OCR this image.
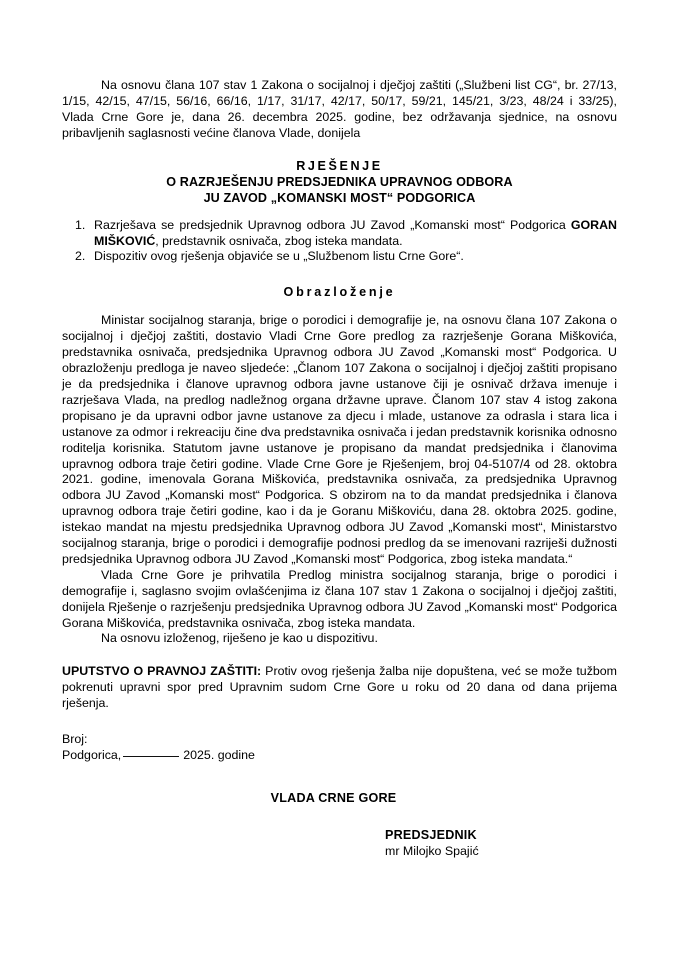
Na osnovu člana 107 stav 1 Zakona o socijalnoj i dječjoj zaštiti („Službeni list CG“, br. 27/13, 1/15, 42/15, 47/15, 56/16, 66/16, 1/17, 31/17, 42/17, 50/17, 59/21, 145/21, 3/23, 48/24 i 33/25), Vlada Crne Gore je, dana 26. decembra 2025. godine, bez održavanja sjednice, na osnovu pribavljenih saglasnosti većine članova Vlade, donijela

RJEŠENJE
O RAZRJEŠENJU PREDSJEDNIKA UPRAVNOG ODBORA
JU ZAVOD „KOMANSKI MOST“ PODGORICA
1. Razrješava se predsjednik Upravnog odbora JU Zavod „Komanski most“ Podgorica GORAN MIŠKOVIĆ, predstavnik osnivača, zbog isteka mandata.
2. Dispozitiv ovog rješenja objaviće se u „Službenom listu Crne Gore“.
Obrazloženje

Ministar socijalnog staranja, brige o porodici i demografije je, na osnovu člana 107 Zakona o socijalnoj i dječjoj zaštiti, dostavio Vladi Crne Gore predlog za razrješenje Gorana Miškovića, predstavnika osnivača, predsjednika Upravnog odbora JU Zavod „Komanski most“ Podgorica. U obrazloženju predloga je naveo sljedeće: „Članom 107 Zakona o socijalnoj i dječjoj zaštiti propisano je da predsjednika i članove upravnog odbora javne ustanove čiji je osnivač država imenuje i razrješava Vlada, na predlog nadležnog organa državne uprave. Članom 107 stav 4 istog zakona propisano je da upravni odbor javne ustanove za djecu i mlade, ustanove za odrasla i stara lica i ustanove za odmor i rekreaciju čine dva predstavnika osnivača i jedan predstavnik korisnika odnosno roditelja korisnika. Statutom javne ustanove je propisano da mandat predsjednika i članovima upravnog odbora traje četiri godine. Vlade Crne Gore je Rješenjem, broj 04-5107/4 od 28. oktobra 2021. godine, imenovala Gorana Miškovića, predstavnika osnivača, za predsjednika Upravnog odbora JU Zavod „Komanski most“ Podgorica. S obzirom na to da mandat predsjednika i članova upravnog odbora traje četiri godine, kao i da je Goranu Miškoviću, dana 28. oktobra 2025. godine, istekao mandat na mjestu predsjednika Upravnog odbora JU Zavod „Komanski most“, Ministarstvo socijalnog staranja, brige o porodici i demografije podnosi predlog da se imenovani razriješi dužnosti predsjednika Upravnog odbora JU Zavod „Komanski most“ Podgorica, zbog isteka mandata.“

Vlada Crne Gore je prihvatila Predlog ministra socijalnog staranja, brige o porodici i demografije i, saglasno svojim ovlašćenjima iz člana 107 stav 1 Zakona o socijalnoj i dječjoj zaštiti, donijela Rješenje o razrješenju predsjednika Upravnog odbora JU Zavod „Komanski most“ Podgorica Gorana Miškovića, predstavnika osnivača, zbog isteka mandata.

Na osnovu izloženog, riješeno je kao u dispozitivu.

UPUTSTVO O PRAVNOJ ZAŠTITI: Protiv ovog rješenja žalba nije dopuštena, već se može tužbom pokrenuti upravni spor pred Upravnim sudom Crne Gore u roku od 20 dana od dana prijema rješenja.

Broj:
Podgorica,	2025. godine
VLADA CRNE GORE
PREDSJEDNIK
mr Milojko Spajić
